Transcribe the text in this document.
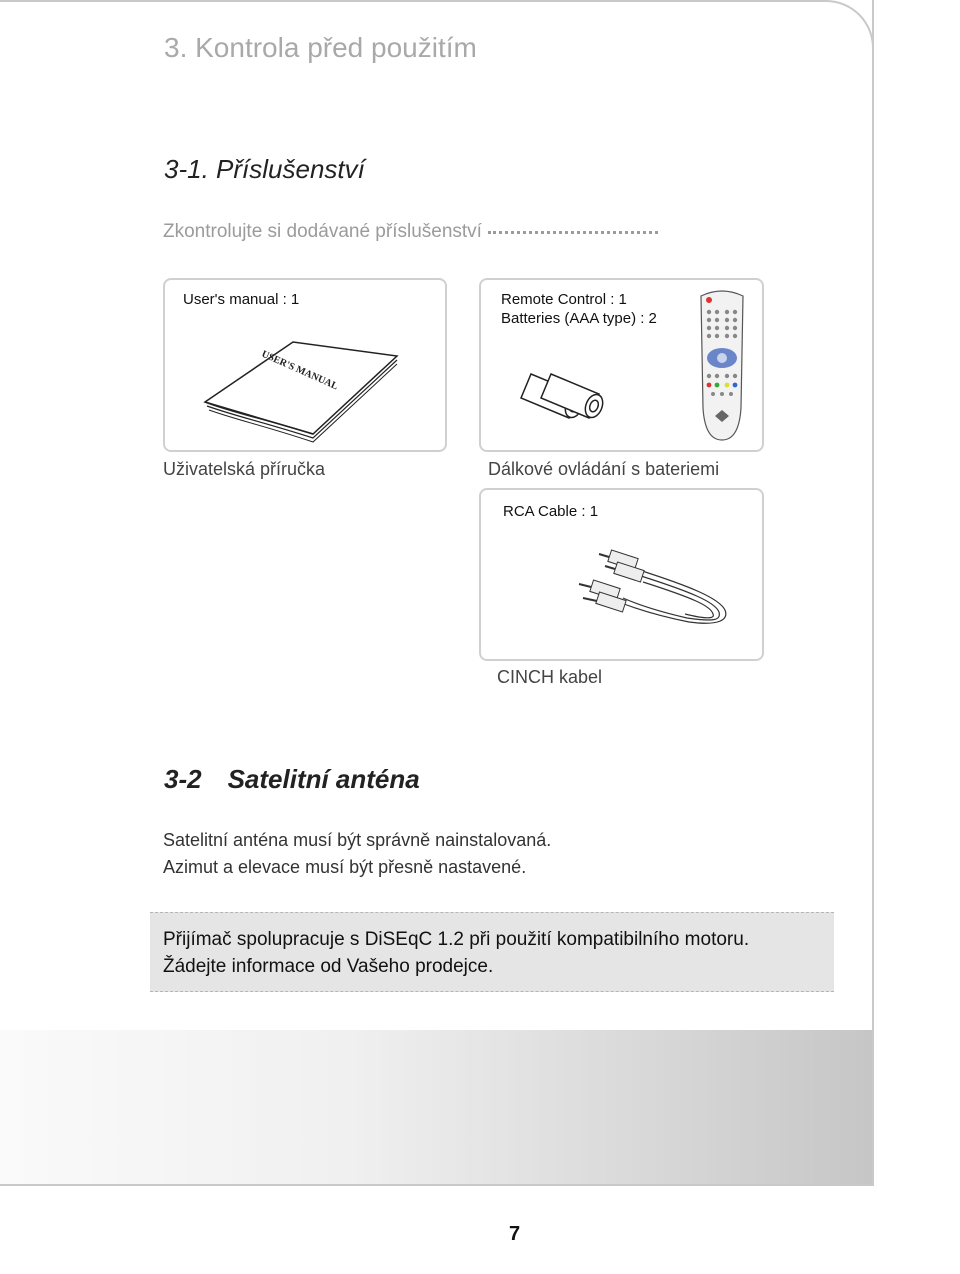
3. Kontrola před použitím
3-1. Příslušenství
Zkontrolujte si dodávané příslušenství
User's manual : 1
USER'S MANUAL
Uživatelská příručka
Remote Control : 1
Batteries (AAA type) : 2
Dálkové ovládání s bateriemi
RCA Cable : 1
CINCH kabel
3-2 Satelitní anténa
Satelitní anténa musí být správně nainstalovaná.
Azimut a elevace musí být přesně nastavené.
Přijímač spolupracuje s DiSEqC 1.2 při použití kompatibilního motoru.
Žádejte informace od Vašeho prodejce.
7
